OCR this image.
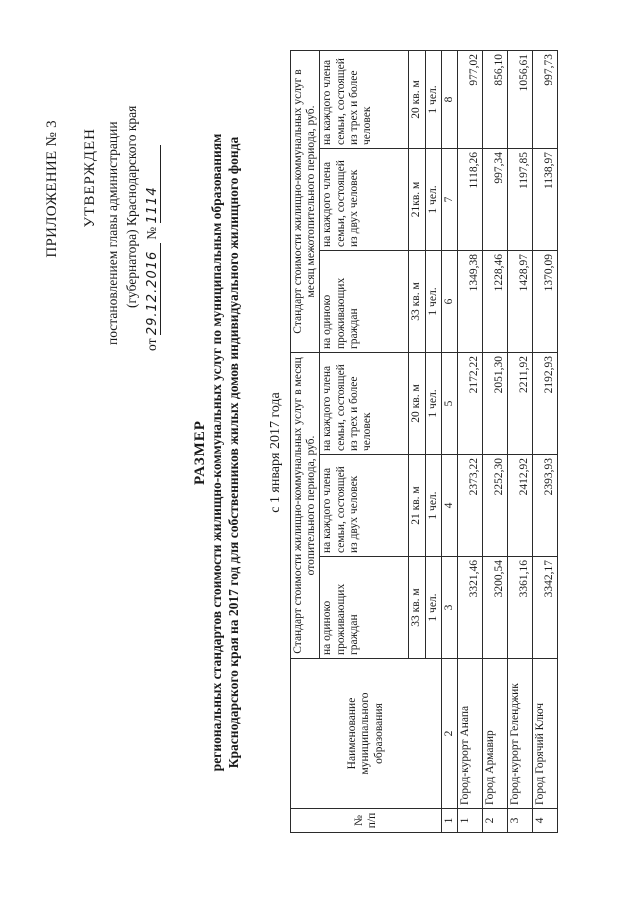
ПРИЛОЖЕНИЕ № 3 УТВЕРЖДЕН постановлением главы администрации (губернатора) Краснодарского края
от 29.12.2016 № 1114
РАЗМЕР региональных стандартов стоимости жилищно-коммунальных услуг по муниципальным образованиям Краснодарского края на 2017 год для собственников жилых домов индивидуального жилищного фонда с 1 января 2017 года
№ п/п	Наименование муниципального образования	Стандарт стоимости жилищно-коммунальных услуг в месяц отопительного периода, руб.			Стандарт стоимости жилищно-коммунальных услуг в месяц межотопительного периода, руб.		
		на одиноко проживающих граждан	на каждого члена семьи, состоящей из двух человек	на каждого члена семьи, состоящей из трех и более человек	на одиноко проживающих граждан	на каждого члена семьи, состоящей из двух человек	на каждого члена семьи, состоящей из трех и более человек
		33 кв. м	21 кв. м	20 кв. м	33 кв. м	21кв. м	20 кв. м
		1 чел.	1 чел.	1 чел.	1 чел.	1 чел.	1 чел.
1	2	3	4	5	6	7	8
1	Город-курорт Анапа	3321,46	2373,22	2172,22	1349,38	1118,26	977,02
2	Город Армавир	3200,54	2252,30	2051,30	1228,46	997,34	856,10
3	Город-курорт Геленджик	3361,16	2412,92	2211,92	1428,97	1197,85	1056,61
4	Город Горячий Ключ	3342,17	2393,93	2192,93	1370,09	1138,97	997,73
